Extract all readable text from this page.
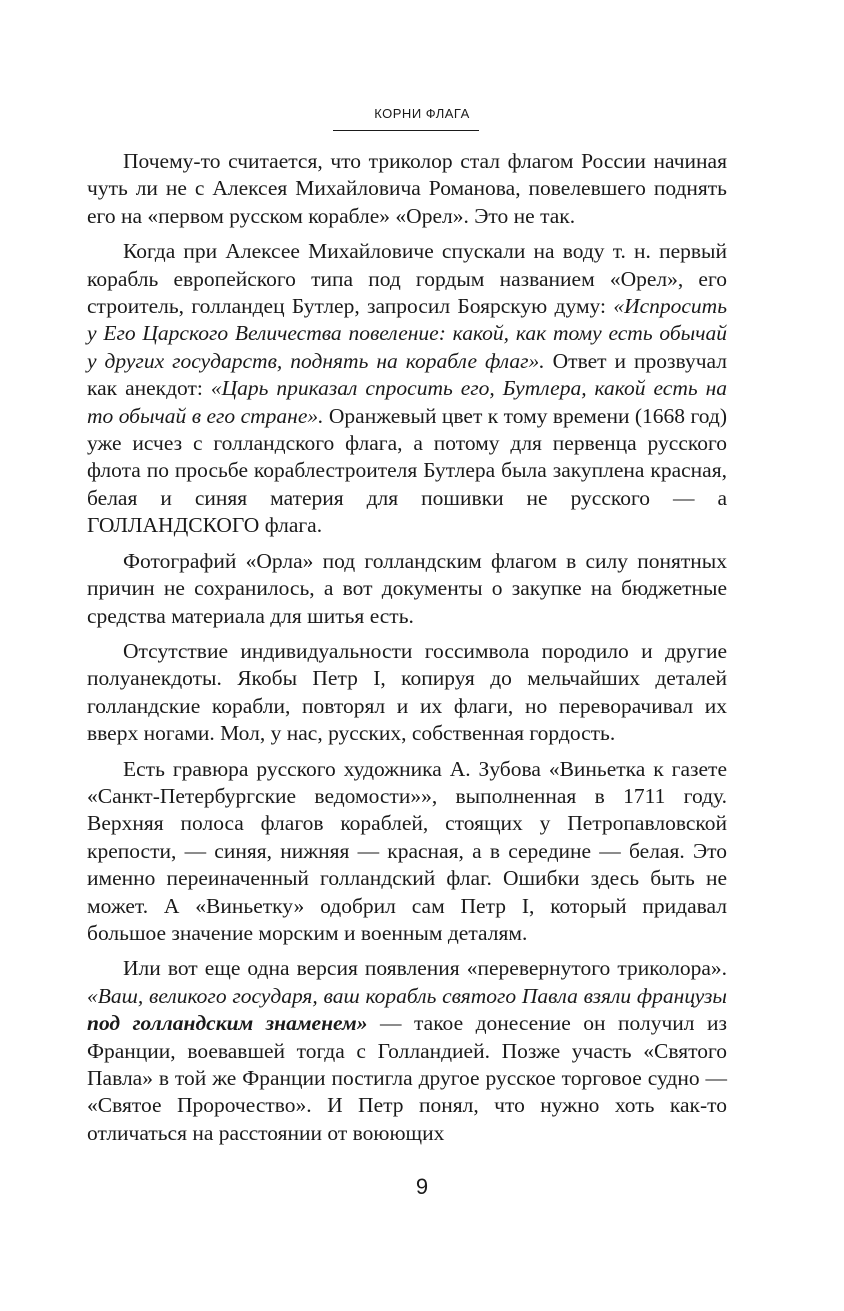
КОРНИ ФЛАГА

Почему-то считается, что триколор стал флагом России начиная чуть ли не с Алексея Михайловича Романова, повелевшего поднять его на «первом русском корабле» «Орел». Это не так.

Когда при Алексее Михайловиче спускали на воду т. н. первый корабль европейского типа под гордым названием «Орел», его строитель, голландец Бутлер, запросил Боярскую думу: «Испросить у Его Царского Величества повеление: какой, как тому есть обычай у других государств, поднять на корабле флаг». Ответ и прозвучал как анекдот: «Царь приказал спросить его, Бутлера, какой есть на то обычай в его стране». Оранжевый цвет к тому времени (1668 год) уже исчез с голландского флага, а потому для первенца русского флота по просьбе кораблестроителя Бутлера была закуплена красная, белая и синяя материя для пошивки не русского — а ГОЛЛАНДСКОГО флага.

Фотографий «Орла» под голландским флагом в силу понятных причин не сохранилось, а вот документы о закупке на бюджетные средства материала для шитья есть.

Отсутствие индивидуальности госсимвола породило и другие полуанекдоты. Якобы Петр I, копируя до мельчайших деталей голландские корабли, повторял и их флаги, но переворачивал их вверх ногами. Мол, у нас, русских, собственная гордость.

Есть гравюра русского художника А. Зубова «Виньетка к газете «Санкт-Петербургские ведомости»», выполненная в 1711 году. Верхняя полоса флагов кораблей, стоящих у Петропавловской крепости, — синяя, нижняя — красная, а в середине — белая. Это именно переиначенный голландский флаг. Ошибки здесь быть не может. А «Виньетку» одобрил сам Петр I, который придавал большое значение морским и военным деталям.

Или вот еще одна версия появления «перевернутого триколора». «Ваш, великого государя, ваш корабль святого Павла взяли французы под голландским знаменем» — такое донесение он получил из Франции, воевавшей тогда с Голландией. Позже участь «Святого Павла» в той же Франции постигла другое русское торговое судно — «Святое Пророчество». И Петр понял, что нужно хоть как-то отличаться на расстоянии от воюющих

9
